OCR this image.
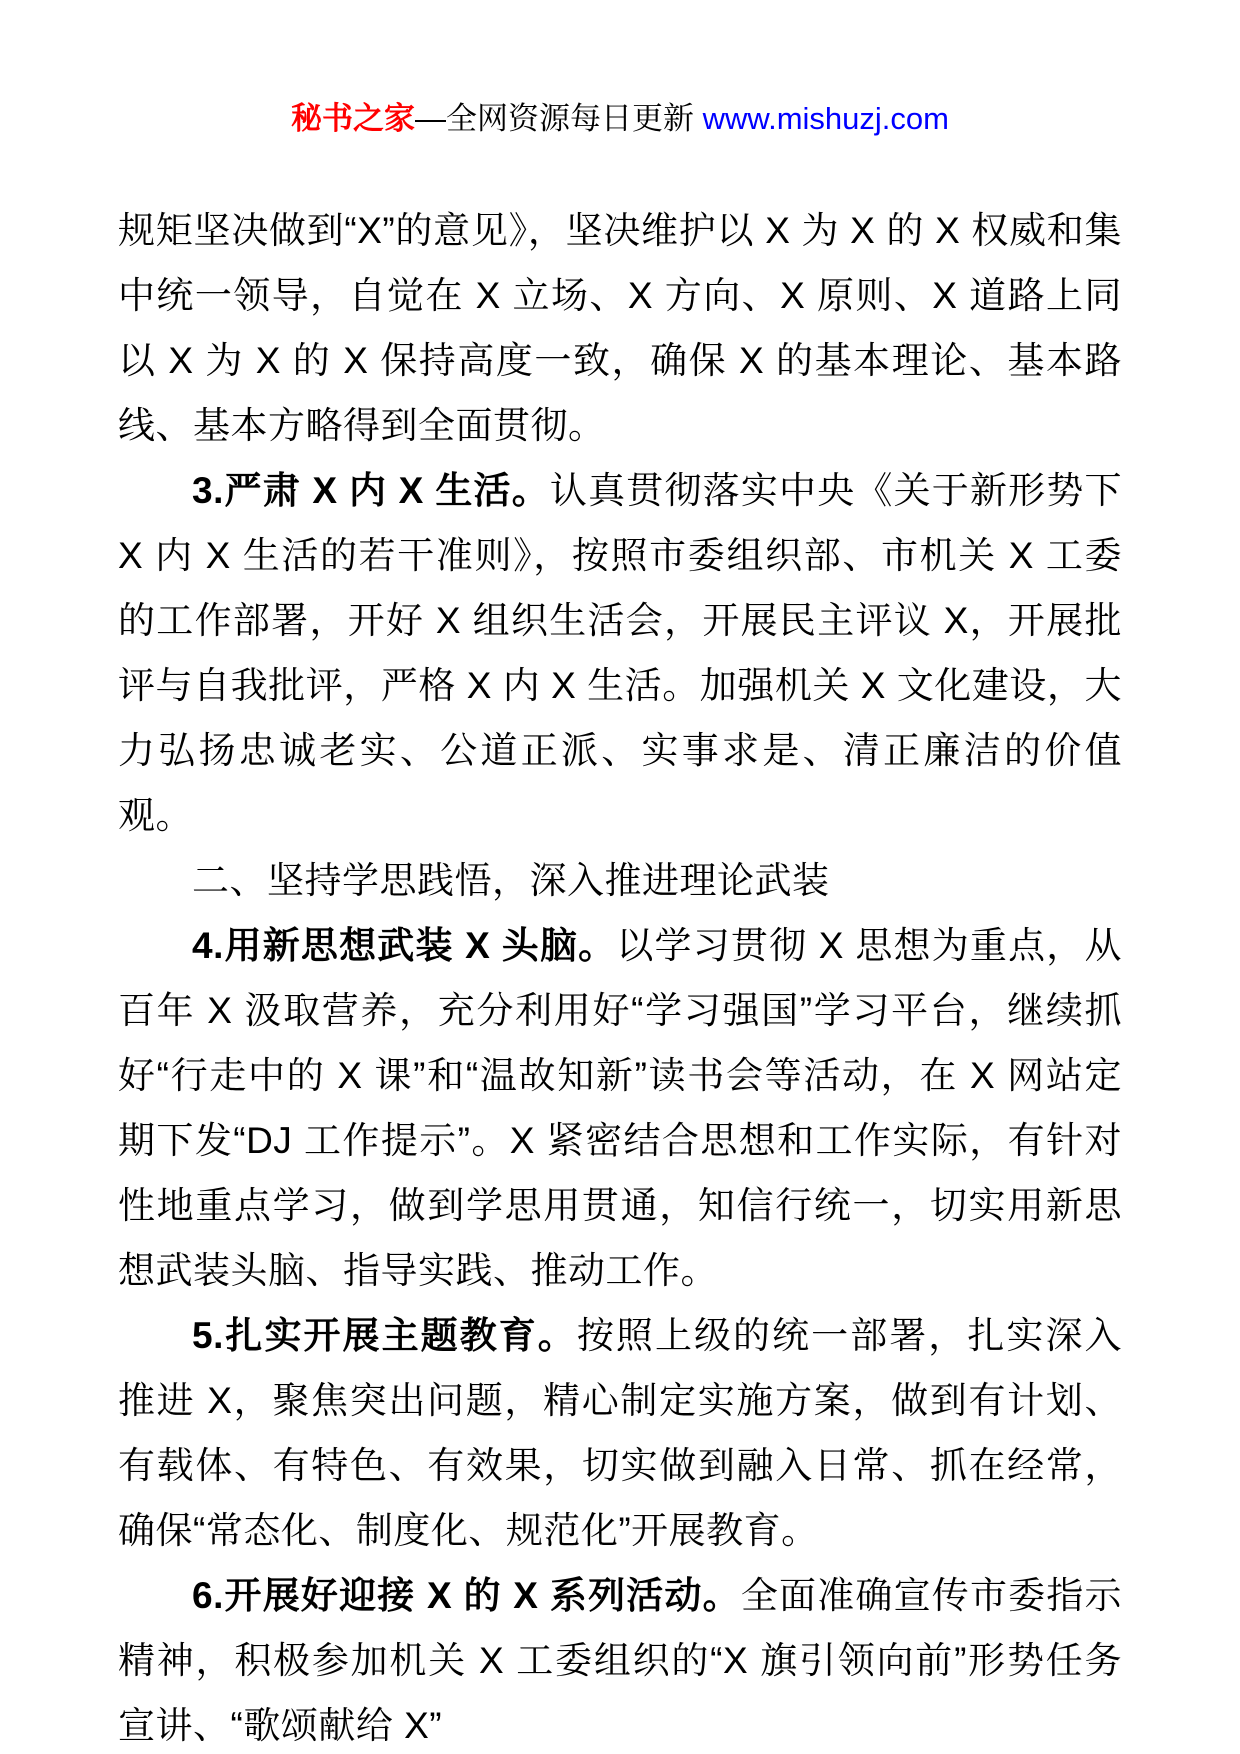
秘书之家—全网资源每日更新 www.mishuzj.com

规矩坚决做到“X”的意见》，坚决维护以 X 为 X 的 X 权威和集中统一领导，自觉在 X 立场、X 方向、X 原则、X 道路上同以 X 为 X 的 X 保持高度一致，确保 X 的基本理论、基本路线、基本方略得到全面贯彻。

3.严肃 X 内 X 生活。认真贯彻落实中央《关于新形势下 X 内 X 生活的若干准则》，按照市委组织部、市机关 X 工委的工作部署，开好 X 组织生活会，开展民主评议 X，开展批评与自我批评，严格 X 内 X 生活。加强机关 X 文化建设，大力弘扬忠诚老实、公道正派、实事求是、清正廉洁的价值观。

二、坚持学思践悟，深入推进理论武装

4.用新思想武装 X 头脑。以学习贯彻 X 思想为重点，从百年 X 汲取营养，充分利用好“学习强国”学习平台，继续抓好“行走中的 X 课”和“温故知新”读书会等活动，在 X 网站定期下发“DJ 工作提示”。X 紧密结合思想和工作实际，有针对性地重点学习，做到学思用贯通，知信行统一，切实用新思想武装头脑、指导实践、推动工作。

5.扎实开展主题教育。按照上级的统一部署，扎实深入推进 X，聚焦突出问题，精心制定实施方案，做到有计划、有载体、有特色、有效果，切实做到融入日常、抓在经常，确保“常态化、制度化、规范化”开展教育。

6.开展好迎接 X 的 X 系列活动。全面准确宣传市委指示精神，积极参加机关 X 工委组织的“X 旗引领向前”形势任务宣讲、“歌颂献给 X”
